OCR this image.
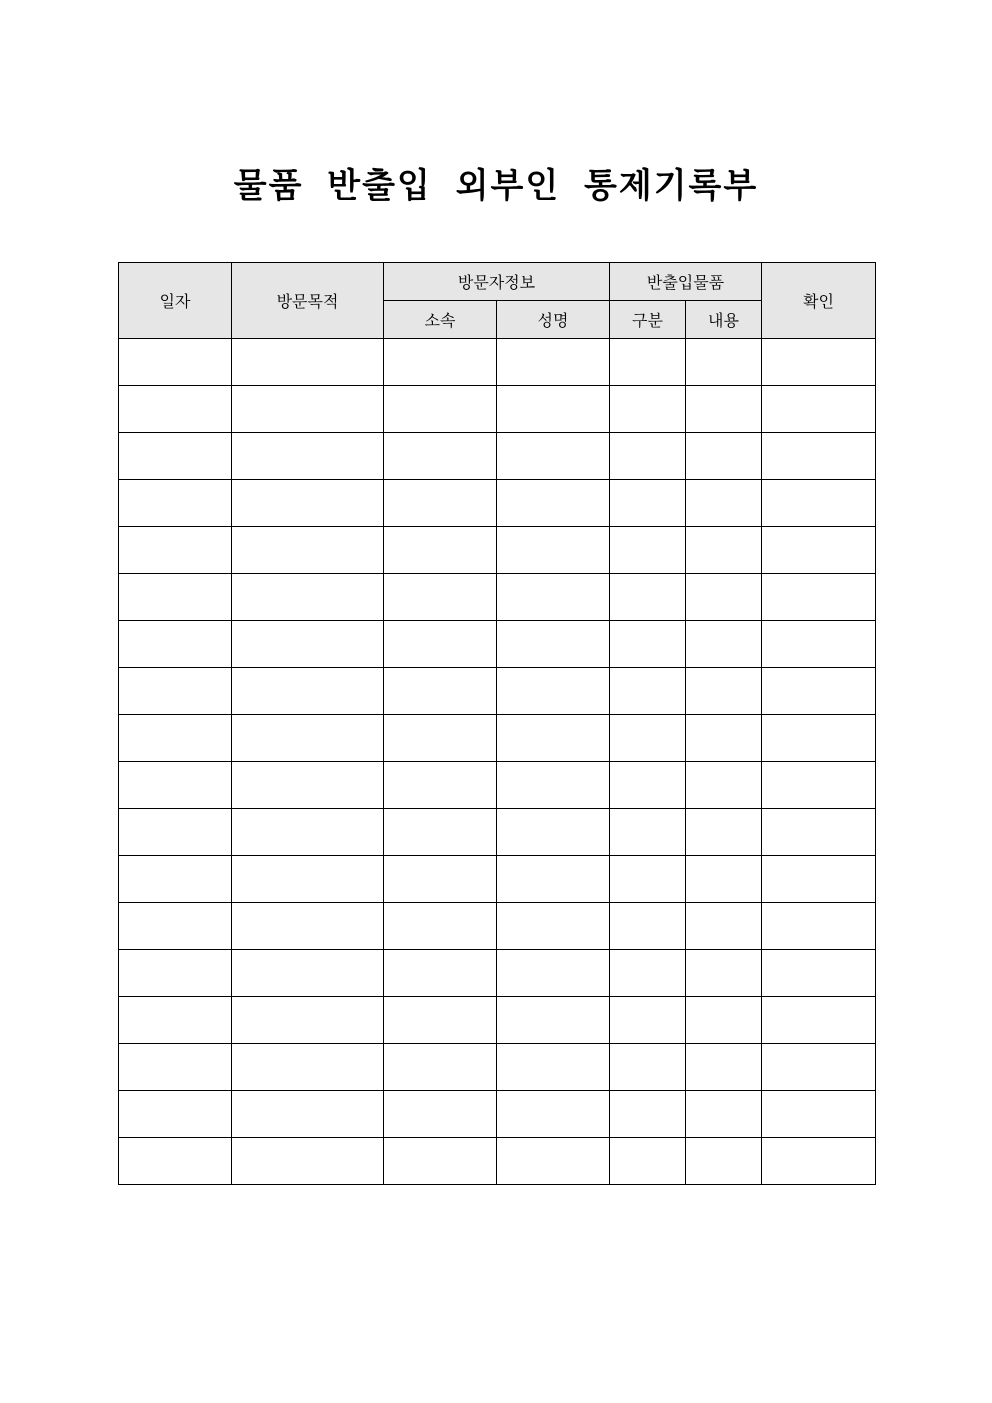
물품 반출입 외부인 통제기록부
일자	방문목적	방문자정보		반출입물품		확인
		소속	성명	구분	내용	
